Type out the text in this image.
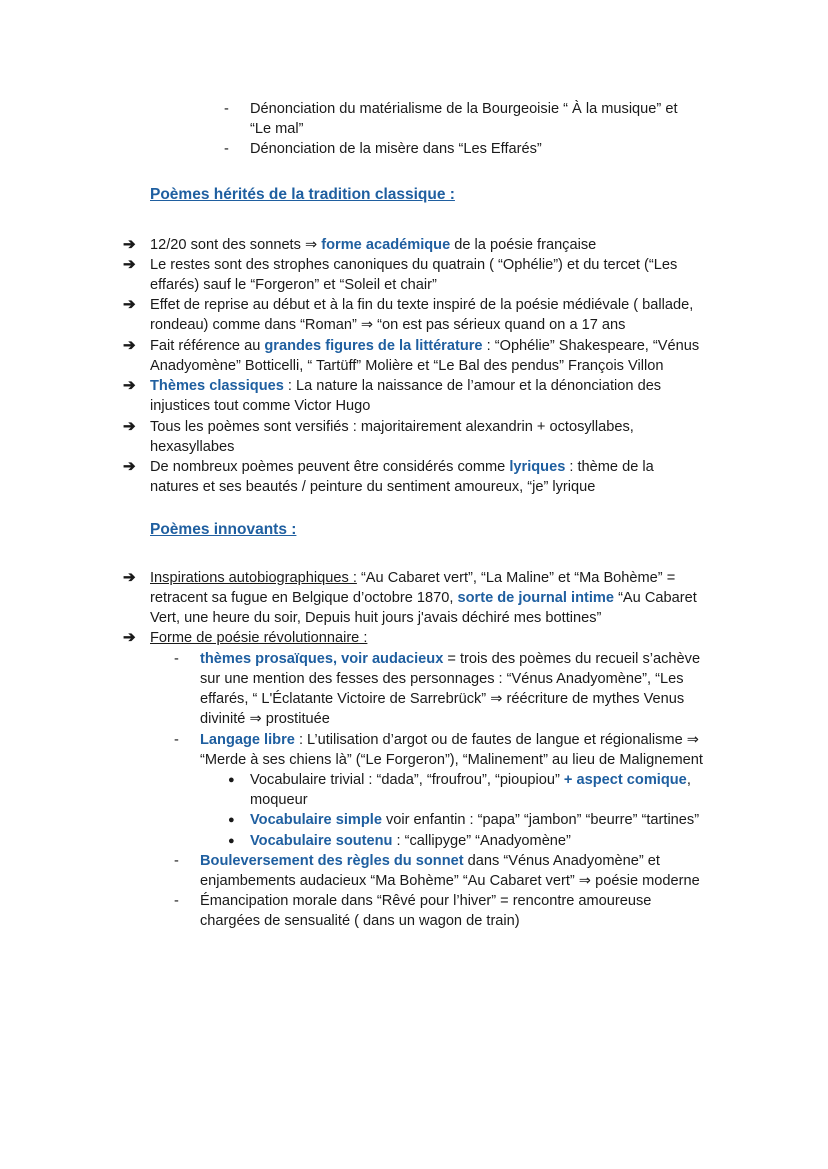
- Dénonciation du matérialisme de la Bourgeoisie “ À la musique” et
“Le mal”
- Dénonciation de la misère dans “Les Effarés”
Poèmes hérités de la tradition classique :
➔ 12/20 sont des sonnets ⇒ forme académique de la poésie française
➔ Le restes sont des strophes canoniques du quatrain ( “Ophélie”) et du tercet (“Les
effarés) sauf le “Forgeron” et “Soleil et chair”
➔ Effet de reprise au début et à la fin du texte inspiré de la poésie médiévale ( ballade,
rondeau) comme dans “Roman” ⇒ “on est pas sérieux quand on a 17 ans
➔ Fait référence au grandes figures de la littérature : “Ophélie” Shakespeare, “Vénus
Anadyomène” Botticelli, “ Tartüff” Molière et “Le Bal des pendus” François Villon
➔ Thèmes classiques : La nature la naissance de l’amour et la dénonciation des
injustices tout comme Victor Hugo
➔ Tous les poèmes sont versifiés : majoritairement alexandrin + octosyllabes,
hexasyllabes
➔ De nombreux poèmes peuvent être considérés comme lyriques : thème de la
natures et ses beautés / peinture du sentiment amoureux, “je” lyrique
Poèmes innovants :
➔ Inspirations autobiographiques : “Au Cabaret vert”, “La Maline” et “Ma Bohème” =
retracent sa fugue en Belgique d’octobre 1870, sorte de journal intime “Au Cabaret
Vert, une heure du soir, Depuis huit jours j'avais déchiré mes bottines”
➔ Forme de poésie révolutionnaire :
- thèmes prosaïques, voir audacieux = trois des poèmes du recueil s’achève
sur une mention des fesses des personnages : “Vénus Anadyomène”, “Les
effarés, “ L'Éclatante Victoire de Sarrebrück” ⇒ réécriture de mythes Venus
divinité ⇒ prostituée
- Langage libre : L’utilisation d’argot ou de fautes de langue et régionalisme ⇒
“Merde à ses chiens là” (“Le Forgeron”), “Malinement” au lieu de Malignement
● Vocabulaire trivial : “dada”, “froufrou”, “pioupiou” + aspect comique,
moqueur
● Vocabulaire simple voir enfantin : “papa” “jambon” “beurre” “tartines”
● Vocabulaire soutenu : “callipyge” “Anadyomène”
- Bouleversement des règles du sonnet dans “Vénus Anadyomène” et
enjambements audacieux “Ma Bohème” “Au Cabaret vert” ⇒ poésie moderne
- Émancipation morale dans “Rêvé pour l’hiver” = rencontre amoureuse
chargées de sensualité ( dans un wagon de train)
